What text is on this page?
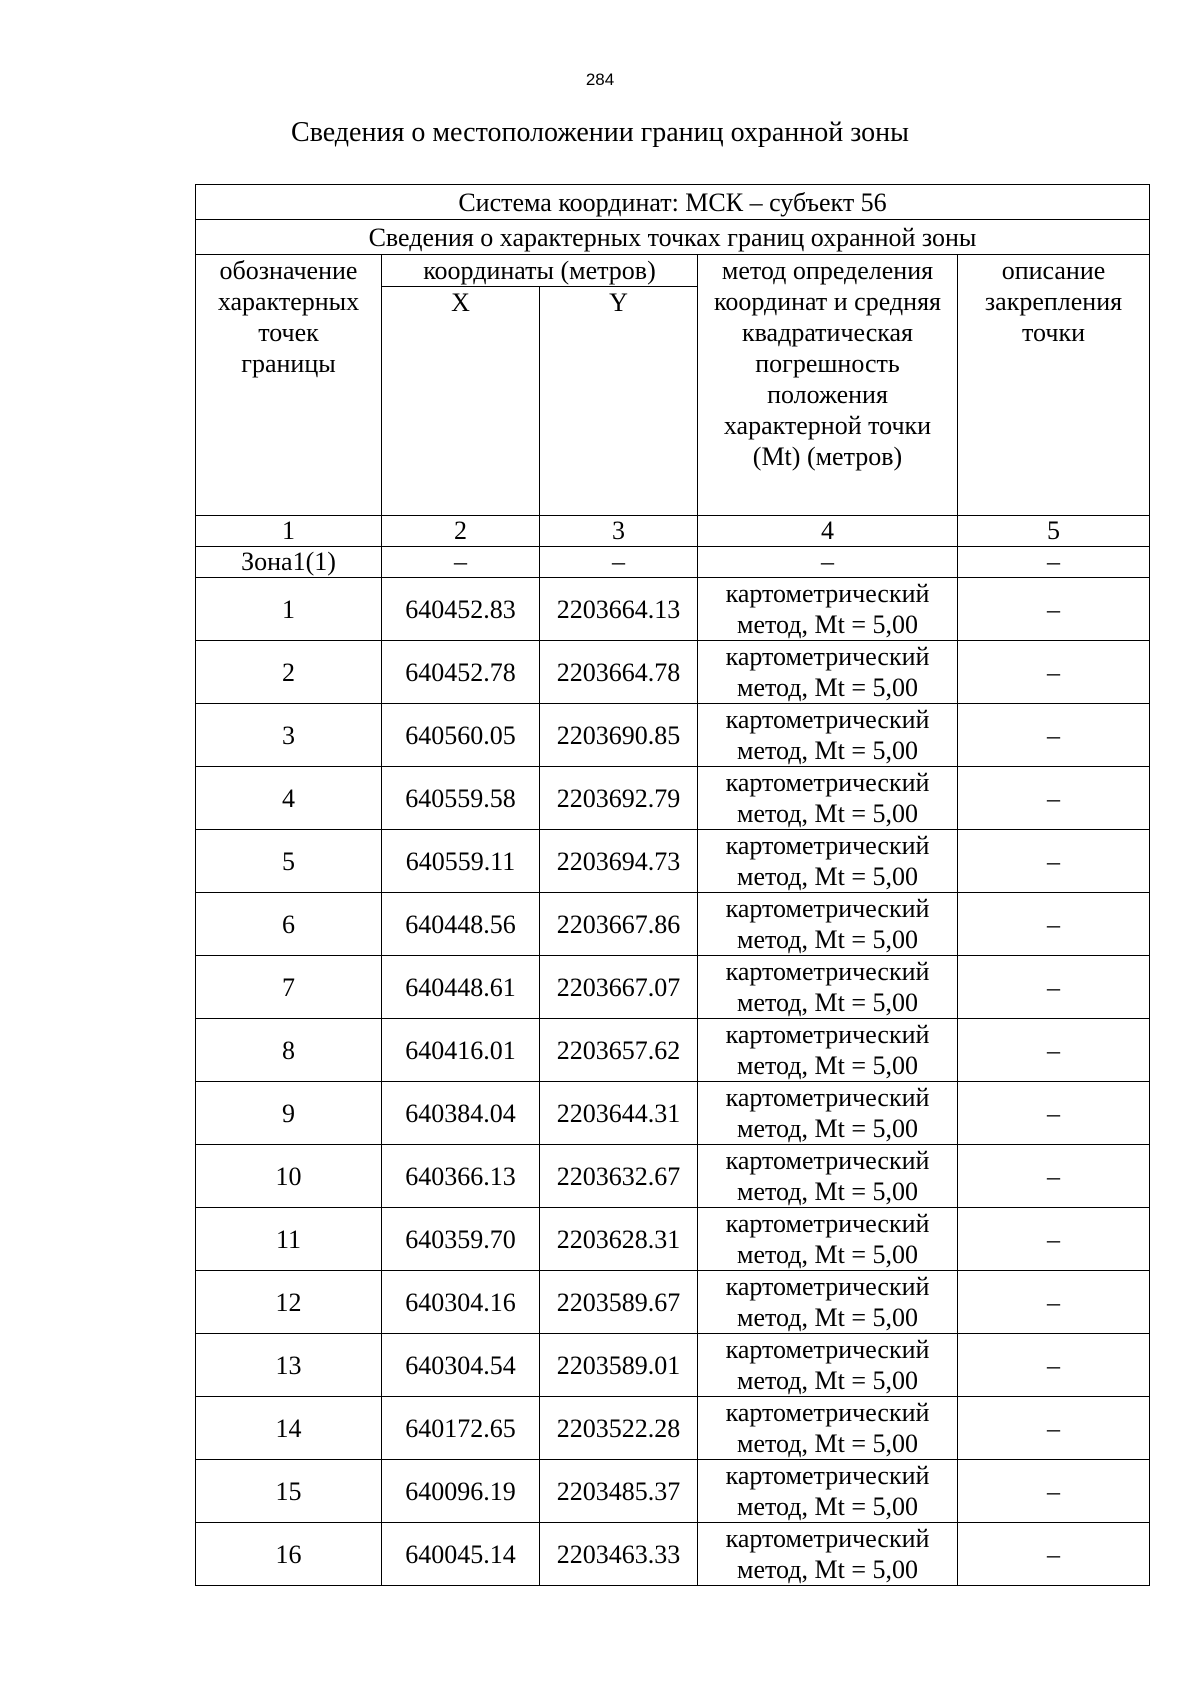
284
Сведения о местоположении границ охранной зоны
Система координат: МСК – субъект 56				
Сведения о характерных точках границ охранной зоны				
обозначение характерных точек границы	координаты (метров)		метод определения координат и средняя квадратическая погрешность положения характерной точки (Mt) (метров)	описание закрепления точки
	X	Y		
1	2	3	4	5
Зона1(1)	–	–	–	–
1	640452.83	2203664.13	картометрический метод, Mt = 5,00	–
2	640452.78	2203664.78	картометрический метод, Mt = 5,00	–
3	640560.05	2203690.85	картометрический метод, Mt = 5,00	–
4	640559.58	2203692.79	картометрический метод, Mt = 5,00	–
5	640559.11	2203694.73	картометрический метод, Mt = 5,00	–
6	640448.56	2203667.86	картометрический метод, Mt = 5,00	–
7	640448.61	2203667.07	картометрический метод, Mt = 5,00	–
8	640416.01	2203657.62	картометрический метод, Mt = 5,00	–
9	640384.04	2203644.31	картометрический метод, Mt = 5,00	–
10	640366.13	2203632.67	картометрический метод, Mt = 5,00	–
11	640359.70	2203628.31	картометрический метод, Mt = 5,00	–
12	640304.16	2203589.67	картометрический метод, Mt = 5,00	–
13	640304.54	2203589.01	картометрический метод, Mt = 5,00	–
14	640172.65	2203522.28	картометрический метод, Mt = 5,00	–
15	640096.19	2203485.37	картометрический метод, Mt = 5,00	–
16	640045.14	2203463.33	картометрический метод, Mt = 5,00	–
